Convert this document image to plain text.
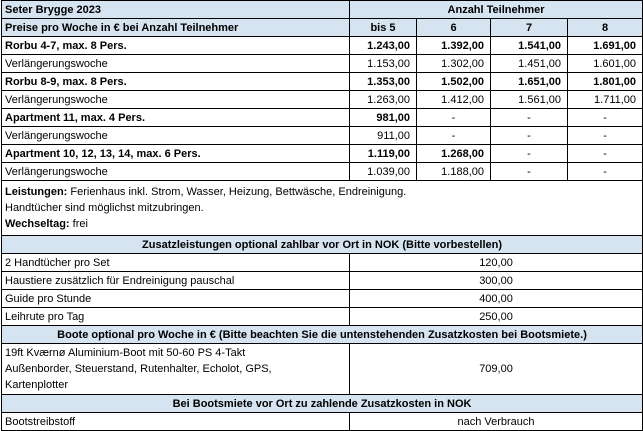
Seter Brygge 2023	Anzahl Teilnehmer			
Preise pro Woche in € bei Anzahl Teilnehmer	bis 5	6	7	8
Rorbu 4-7, max. 8 Pers.	1.243,00	1.392,00	1.541,00	1.691,00
Verlängerungswoche	1.153,00	1.302,00	1.451,00	1.601,00
Rorbu 8-9, max. 8 Pers.	1.353,00	1.502,00	1.651,00	1.801,00
Verlängerungswoche	1.263,00	1.412,00	1.561,00	1.711,00
Apartment 11, max. 4 Pers.	981,00	-	-	-
Verlängerungswoche	911,00	-	-	-
Apartment 10, 12, 13, 14, max. 6 Pers.	1.119,00	1.268,00	-	-
Verlängerungswoche	1.039,00	1.188,00	-	-

Leistungen: Ferienhaus inkl. Strom, Wasser, Heizung, Bettwäsche, Endreinigung.
Handtücher sind möglichst mitzubringen.
Wechseltag: frei				

Zusatzleistungen optional zahlbar vor Ort in NOK (Bitte vorbestellen)				
2 Handtücher pro Set	120,00			
Haustiere zusätzlich für Endreinigung pauschal	300,00			
Guide pro Stunde	400,00			
Leihrute pro Tag	250,00			
Boote optional pro Woche in € (Bitte beachten Sie die untenstehenden Zusatzkosten bei Bootsmiete.)				

19ft Kværnø Aluminium-Boot mit 50-60 PS 4-Takt
Außenborder, Steuerstand, Rutenhalter, Echolot, GPS,
Kartenplotter	709,00			
Bei Bootsmiete vor Ort zu zahlende Zusatzkosten in NOK				
Bootstreibstoff	nach Verbrauch			
